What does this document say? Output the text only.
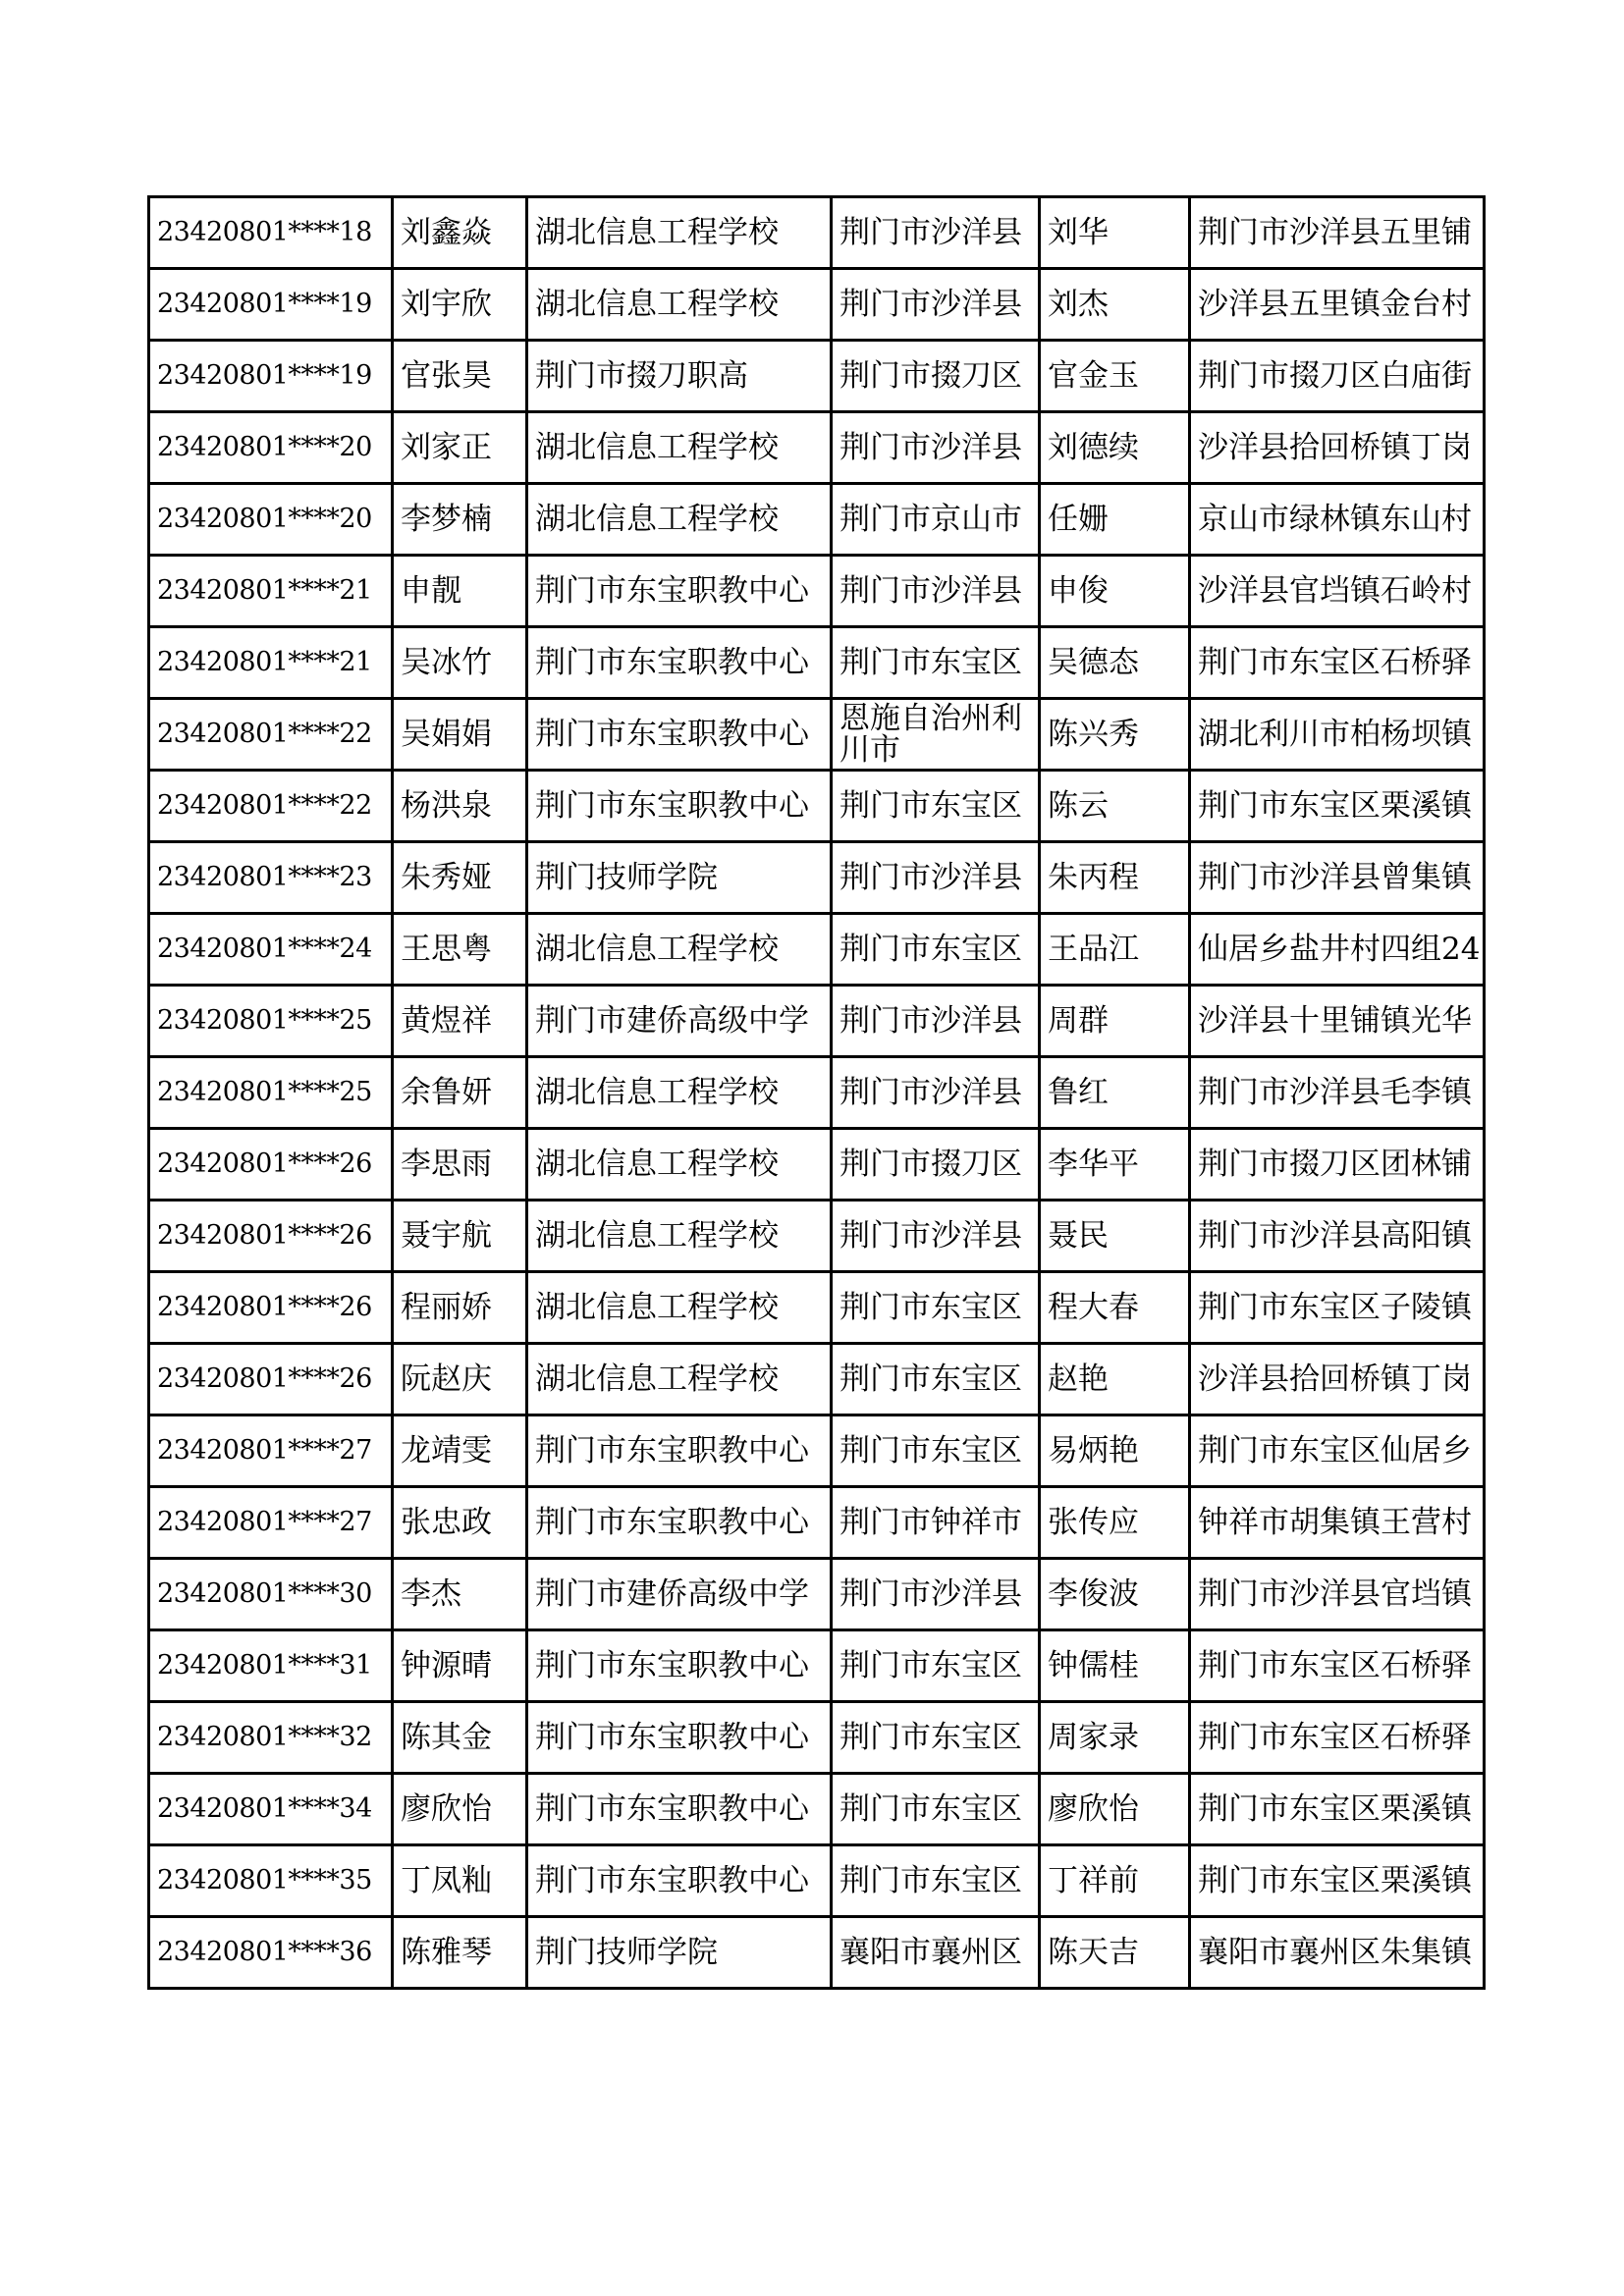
23420801****18	刘鑫焱	湖北信息工程学校	荆门市沙洋县	刘华	荆门市沙洋县五里铺
23420801****19	刘宇欣	湖北信息工程学校	荆门市沙洋县	刘杰	沙洋县五里镇金台村
23420801****19	官张昊	荆门市掇刀职高	荆门市掇刀区	官金玉	荆门市掇刀区白庙街
23420801****20	刘家正	湖北信息工程学校	荆门市沙洋县	刘德续	沙洋县拾回桥镇丁岗
23420801****20	李梦楠	湖北信息工程学校	荆门市京山市	任姗	京山市绿林镇东山村
23420801****21	申靓	荆门市东宝职教中心	荆门市沙洋县	申俊	沙洋县官垱镇石岭村
23420801****21	吴冰竹	荆门市东宝职教中心	荆门市东宝区	吴德态	荆门市东宝区石桥驿
23420801****22	吴娟娟	荆门市东宝职教中心	恩施自治州利川市	陈兴秀	湖北利川市柏杨坝镇
23420801****22	杨洪泉	荆门市东宝职教中心	荆门市东宝区	陈云	荆门市东宝区栗溪镇
23420801****23	朱秀娅	荆门技师学院	荆门市沙洋县	朱丙程	荆门市沙洋县曾集镇
23420801****24	王思粤	湖北信息工程学校	荆门市东宝区	王品江	仙居乡盐井村四组24
23420801****25	黄煜祥	荆门市建侨高级中学	荆门市沙洋县	周群	沙洋县十里铺镇光华
23420801****25	余鲁妍	湖北信息工程学校	荆门市沙洋县	鲁红	荆门市沙洋县毛李镇
23420801****26	李思雨	湖北信息工程学校	荆门市掇刀区	李华平	荆门市掇刀区团林铺
23420801****26	聂宇航	湖北信息工程学校	荆门市沙洋县	聂民	荆门市沙洋县高阳镇
23420801****26	程丽娇	湖北信息工程学校	荆门市东宝区	程大春	荆门市东宝区子陵镇
23420801****26	阮赵庆	湖北信息工程学校	荆门市东宝区	赵艳	沙洋县拾回桥镇丁岗
23420801****27	龙靖雯	荆门市东宝职教中心	荆门市东宝区	易炳艳	荆门市东宝区仙居乡
23420801****27	张忠政	荆门市东宝职教中心	荆门市钟祥市	张传应	钟祥市胡集镇王营村
23420801****30	李杰	荆门市建侨高级中学	荆门市沙洋县	李俊波	荆门市沙洋县官垱镇
23420801****31	钟源晴	荆门市东宝职教中心	荆门市东宝区	钟儒桂	荆门市东宝区石桥驿
23420801****32	陈其金	荆门市东宝职教中心	荆门市东宝区	周家录	荆门市东宝区石桥驿
23420801****34	廖欣怡	荆门市东宝职教中心	荆门市东宝区	廖欣怡	荆门市东宝区栗溪镇
23420801****35	丁凤籼	荆门市东宝职教中心	荆门市东宝区	丁祥前	荆门市东宝区栗溪镇
23420801****36	陈雅琴	荆门技师学院	襄阳市襄州区	陈天吉	襄阳市襄州区朱集镇
